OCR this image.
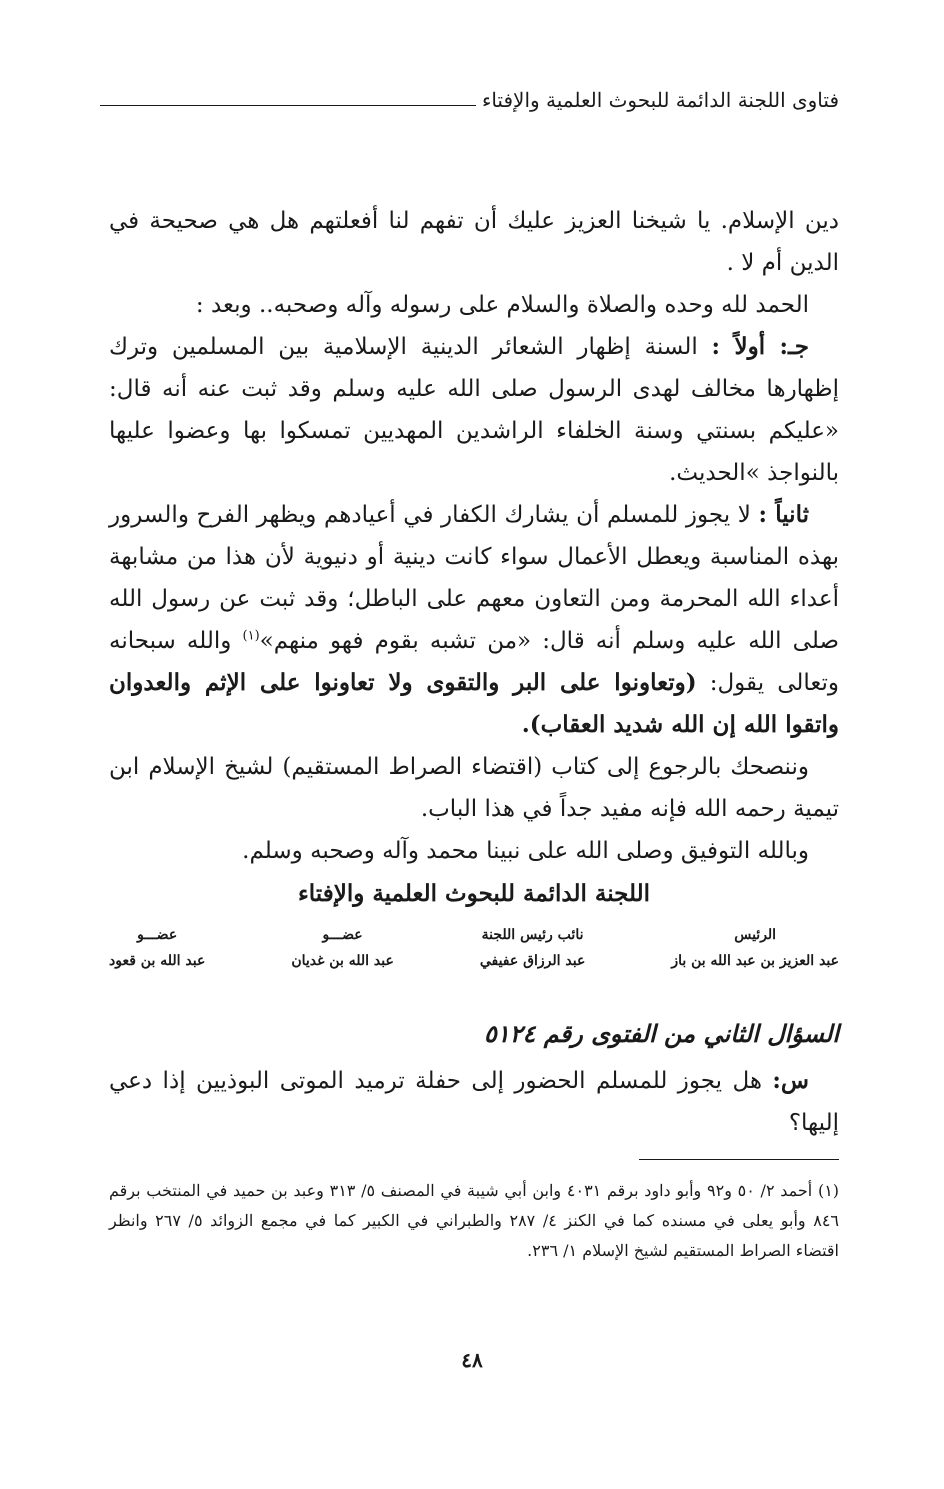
فتاوى اللجنة الدائمة للبحوث العلمية والإفتاء

دين الإسلام. يا شيخنا العزيز عليك أن تفهم لنا أفعلتهم هل هي صحيحة في الدين أم لا .

الحمد لله وحده والصلاة والسلام على رسوله وآله وصحبه.. وبعد :

جـ: أولاً : السنة إظهار الشعائر الدينية الإسلامية بين المسلمين وترك إظهارها مخالف لهدى الرسول صلى الله عليه وسلم وقد ثبت عنه أنه قال: «عليكم بسنتي وسنة الخلفاء الراشدين المهديين تمسكوا بها وعضوا عليها بالنواجذ »الحديث.

ثانياً : لا يجوز للمسلم أن يشارك الكفار في أعيادهم ويظهر الفرح والسرور بهذه المناسبة ويعطل الأعمال سواء كانت دينية أو دنيوية لأن هذا من مشابهة أعداء الله المحرمة ومن التعاون معهم على الباطل؛ وقد ثبت عن رسول الله صلى الله عليه وسلم أنه قال: «من تشبه بقوم فهو منهم»$^{(١)}$ والله سبحانه وتعالى يقول: (وتعاونوا على البر والتقوى ولا تعاونوا على الإثم والعدوان واتقوا الله إن الله شديد العقاب).

وننصحك بالرجوع إلى كتاب (اقتضاء الصراط المستقيم) لشيخ الإسلام ابن تيمية رحمه الله فإنه مفيد جداً في هذا الباب.

وبالله التوفيق وصلى الله على نبينا محمد وآله وصحبه وسلم.

اللجنة الدائمة للبحوث العلمية والإفتاء

الرئيس
عبد العزيز بن عبد الله بن باز
نائب رئيس اللجنة
عبد الرزاق عفيفي
عضـــو
عبد الله بن غديان
عضـــو
عبد الله بن قعود

السؤال الثاني من الفتوى رقم ٥١٢٤

س: هل يجوز للمسلم الحضور إلى حفلة ترميد الموتى البوذيين إذا دعي إليها؟

(١) أحمد ٢/ ٥٠ و٩٢ وأبو داود برقم ٤٠٣١ وابن أبي شيبة في المصنف ٥/ ٣١٣ وعبد بن حميد في المنتخب برقم ٨٤٦ وأبو يعلى في مسنده كما في الكنز ٤/ ٢٨٧ والطبراني في الكبير كما في مجمع الزوائد ٥/ ٢٦٧ وانظر اقتضاء الصراط المستقيم لشيخ الإسلام ١/ ٢٣٦.

٤٨
